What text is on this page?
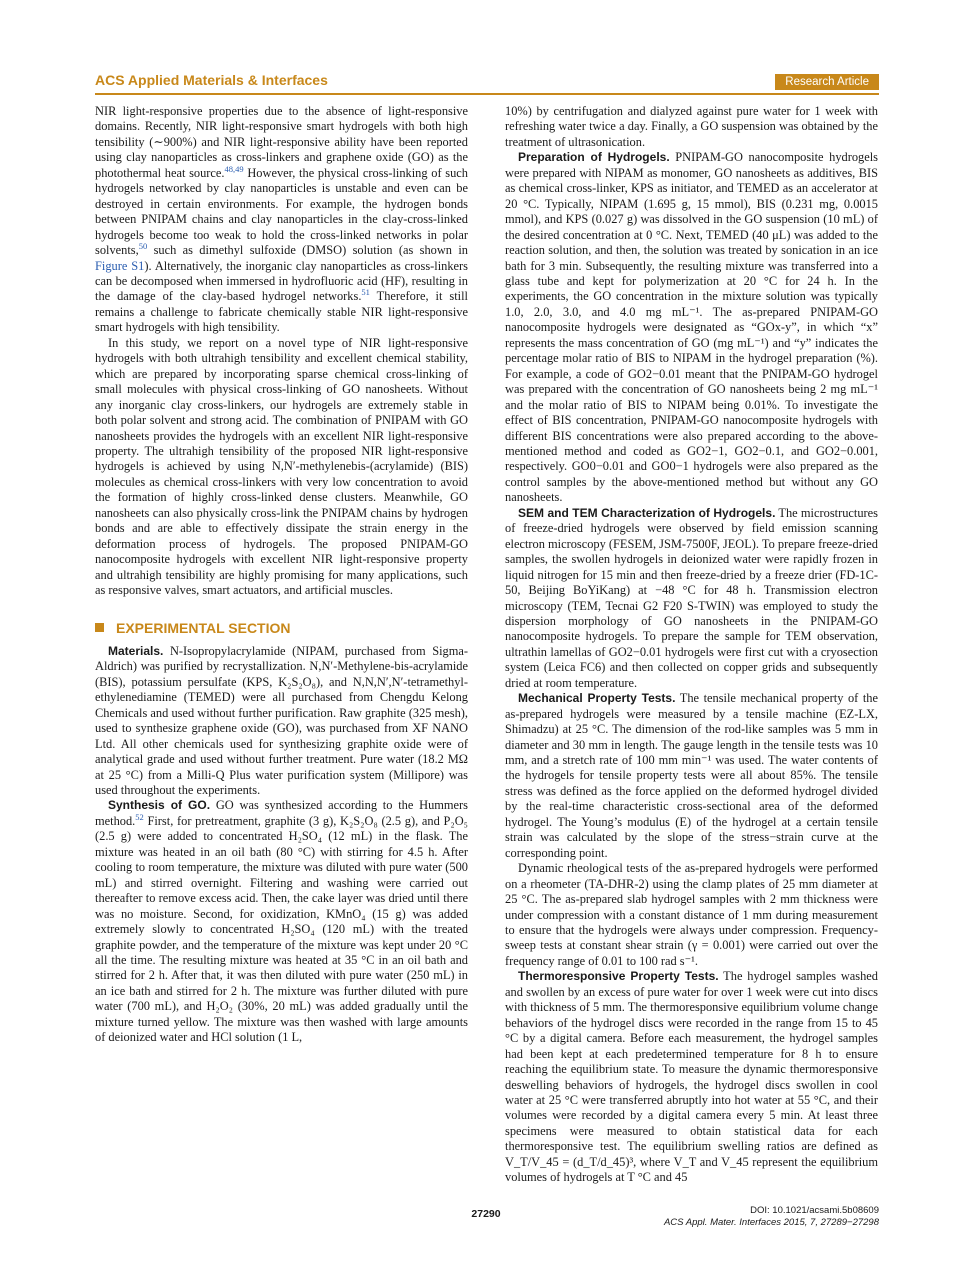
ACS Applied Materials & Interfaces	Research Article

NIR light-responsive properties due to the absence of light-responsive domains. Recently, NIR light-responsive smart hydrogels with both high tensibility (∼900%) and NIR light-responsive ability have been reported using clay nanoparticles as cross-linkers and graphene oxide (GO) as the photothermal heat source.$^{48,49}$ However, the physical cross-linking of such hydrogels networked by clay nanoparticles is unstable and even can be destroyed in certain environments. For example, the hydrogen bonds between PNIPAM chains and clay nanoparticles in the clay-cross-linked hydrogels become too weak to hold the cross-linked networks in polar solvents,$^{50}$ such as dimethyl sulfoxide (DMSO) solution (as shown in Figure S1). Alternatively, the inorganic clay nanoparticles as cross-linkers can be decomposed when immersed in hydrofluoric acid (HF), resulting in the damage of the clay-based hydrogel networks.$^{51}$ Therefore, it still remains a challenge to fabricate chemically stable NIR light-responsive smart hydrogels with high tensibility.

In this study, we report on a novel type of NIR light-responsive hydrogels with both ultrahigh tensibility and excellent chemical stability, which are prepared by incorporating sparse chemical cross-linking of small molecules with physical cross-linking of GO nanosheets. Without any inorganic clay cross-linkers, our hydrogels are extremely stable in both polar solvent and strong acid. The combination of PNIPAM with GO nanosheets provides the hydrogels with an excellent NIR light-responsive property. The ultrahigh tensibility of the proposed NIR light-responsive hydrogels is achieved by using N,N′-methylenebis-(acrylamide) (BIS) molecules as chemical cross-linkers with very low concentration to avoid the formation of highly cross-linked dense clusters. Meanwhile, GO nanosheets can also physically cross-link the PNIPAM chains by hydrogen bonds and are able to effectively dissipate the strain energy in the deformation process of hydrogels. The proposed PNIPAM-GO nanocomposite hydrogels with excellent NIR light-responsive property and ultrahigh tensibility are highly promising for many applications, such as responsive valves, smart actuators, and artificial muscles.

EXPERIMENTAL SECTION

Materials. N-Isopropylacrylamide (NIPAM, purchased from Sigma-Aldrich) was purified by recrystallization. N,N′-Methylene-bis-acrylamide (BIS), potassium persulfate (KPS, K₂S₂O₈), and N,N,N′,N′-tetramethyl-ethylenediamine (TEMED) were all purchased from Chengdu Kelong Chemicals and used without further purification. Raw graphite (325 mesh), used to synthesize graphene oxide (GO), was purchased from XF NANO Ltd. All other chemicals used for synthesizing graphite oxide were of analytical grade and used without further treatment. Pure water (18.2 MΩ at 25 °C) from a Milli-Q Plus water purification system (Millipore) was used throughout the experiments.

Synthesis of GO. GO was synthesized according to the Hummers method.$^{52}$ First, for pretreatment, graphite (3 g), K₂S₂O₈ (2.5 g), and P₂O₅ (2.5 g) were added to concentrated H₂SO₄ (12 mL) in the flask. The mixture was heated in an oil bath (80 °C) with stirring for 4.5 h. After cooling to room temperature, the mixture was diluted with pure water (500 mL) and stirred overnight. Filtering and washing were carried out thereafter to remove excess acid. Then, the cake layer was dried until there was no moisture. Second, for oxidization, KMnO₄ (15 g) was added extremely slowly to concentrated H₂SO₄ (120 mL) with the treated graphite powder, and the temperature of the mixture was kept under 20 °C all the time. The resulting mixture was heated at 35 °C in an oil bath and stirred for 2 h. After that, it was then diluted with pure water (250 mL) in an ice bath and stirred for 2 h. The mixture was further diluted with pure water (700 mL), and H₂O₂ (30%, 20 mL) was added gradually until the mixture turned yellow. The mixture was then washed with large amounts of deionized water and HCl solution (1 L,

10%) by centrifugation and dialyzed against pure water for 1 week with refreshing water twice a day. Finally, a GO suspension was obtained by the treatment of ultrasonication.

Preparation of Hydrogels. PNIPAM-GO nanocomposite hydrogels were prepared with NIPAM as monomer, GO nanosheets as additives, BIS as chemical cross-linker, KPS as initiator, and TEMED as an accelerator at 20 °C. Typically, NIPAM (1.695 g, 15 mmol), BIS (0.231 mg, 0.0015 mmol), and KPS (0.027 g) was dissolved in the GO suspension (10 mL) of the desired concentration at 0 °C. Next, TEMED (40 μL) was added to the reaction solution, and then, the solution was treated by sonication in an ice bath for 3 min. Subsequently, the resulting mixture was transferred into a glass tube and kept for polymerization at 20 °C for 24 h. In the experiments, the GO concentration in the mixture solution was typically 1.0, 2.0, 3.0, and 4.0 mg mL⁻¹. The as-prepared PNIPAM-GO nanocomposite hydrogels were designated as “GOx-y”, in which “x” represents the mass concentration of GO (mg mL⁻¹) and “y” indicates the percentage molar ratio of BIS to NIPAM in the hydrogel preparation (%). For example, a code of GO2−0.01 meant that the PNIPAM-GO hydrogel was prepared with the concentration of GO nanosheets being 2 mg mL⁻¹ and the molar ratio of BIS to NIPAM being 0.01%. To investigate the effect of BIS concentration, PNIPAM-GO nanocomposite hydrogels with different BIS concentrations were also prepared according to the above-mentioned method and coded as GO2−1, GO2−0.1, and GO2−0.001, respectively. GO0−0.01 and GO0−1 hydrogels were also prepared as the control samples by the above-mentioned method but without any GO nanosheets.

SEM and TEM Characterization of Hydrogels. The microstructures of freeze-dried hydrogels were observed by field emission scanning electron microscopy (FESEM, JSM-7500F, JEOL). To prepare freeze-dried samples, the swollen hydrogels in deionized water were rapidly frozen in liquid nitrogen for 15 min and then freeze-dried by a freeze drier (FD-1C-50, Beijing BoYiKang) at −48 °C for 48 h. Transmission electron microscopy (TEM, Tecnai G2 F20 S-TWIN) was employed to study the dispersion morphology of GO nanosheets in the PNIPAM-GO nanocomposite hydrogels. To prepare the sample for TEM observation, ultrathin lamellas of GO2−0.01 hydrogels were first cut with a cryosection system (Leica FC6) and then collected on copper grids and subsequently dried at room temperature.

Mechanical Property Tests. The tensile mechanical property of the as-prepared hydrogels were measured by a tensile machine (EZ-LX, Shimadzu) at 25 °C. The dimension of the rod-like samples was 5 mm in diameter and 30 mm in length. The gauge length in the tensile tests was 10 mm, and a stretch rate of 100 mm min⁻¹ was used. The water contents of the hydrogels for tensile property tests were all about 85%. The tensile stress was defined as the force applied on the deformed hydrogel divided by the real-time characteristic cross-sectional area of the deformed hydrogel. The Young’s modulus (E) of the hydrogel at a certain tensile strain was calculated by the slope of the stress−strain curve at the corresponding point.

Dynamic rheological tests of the as-prepared hydrogels were performed on a rheometer (TA-DHR-2) using the clamp plates of 25 mm diameter at 25 °C. The as-prepared slab hydrogel samples with 2 mm thickness were under compression with a constant distance of 1 mm during measurement to ensure that the hydrogels were always under compression. Frequency-sweep tests at constant shear strain (γ = 0.001) were carried out over the frequency range of 0.01 to 100 rad s⁻¹.

Thermoresponsive Property Tests. The hydrogel samples washed and swollen by an excess of pure water for over 1 week were cut into discs with thickness of 5 mm. The thermoresponsive equilibrium volume change behaviors of the hydrogel discs were recorded in the range from 15 to 45 °C by a digital camera. Before each measurement, the hydrogel samples had been kept at each predetermined temperature for 8 h to ensure reaching the equilibrium state. To measure the dynamic thermoresponsive deswelling behaviors of hydrogels, the hydrogel discs swollen in cool water at 25 °C were transferred abruptly into hot water at 55 °C, and their volumes were recorded by a digital camera every 5 min. At least three specimens were measured to obtain statistical data for each thermoresponsive test. The equilibrium swelling ratios are defined as V_T/V_45 = (d_T/d_45)³, where V_T and V_45 represent the equilibrium volumes of hydrogels at T °C and 45

27290	DOI: 10.1021/acsami.5b08609
ACS Appl. Mater. Interfaces 2015, 7, 27289−27298
